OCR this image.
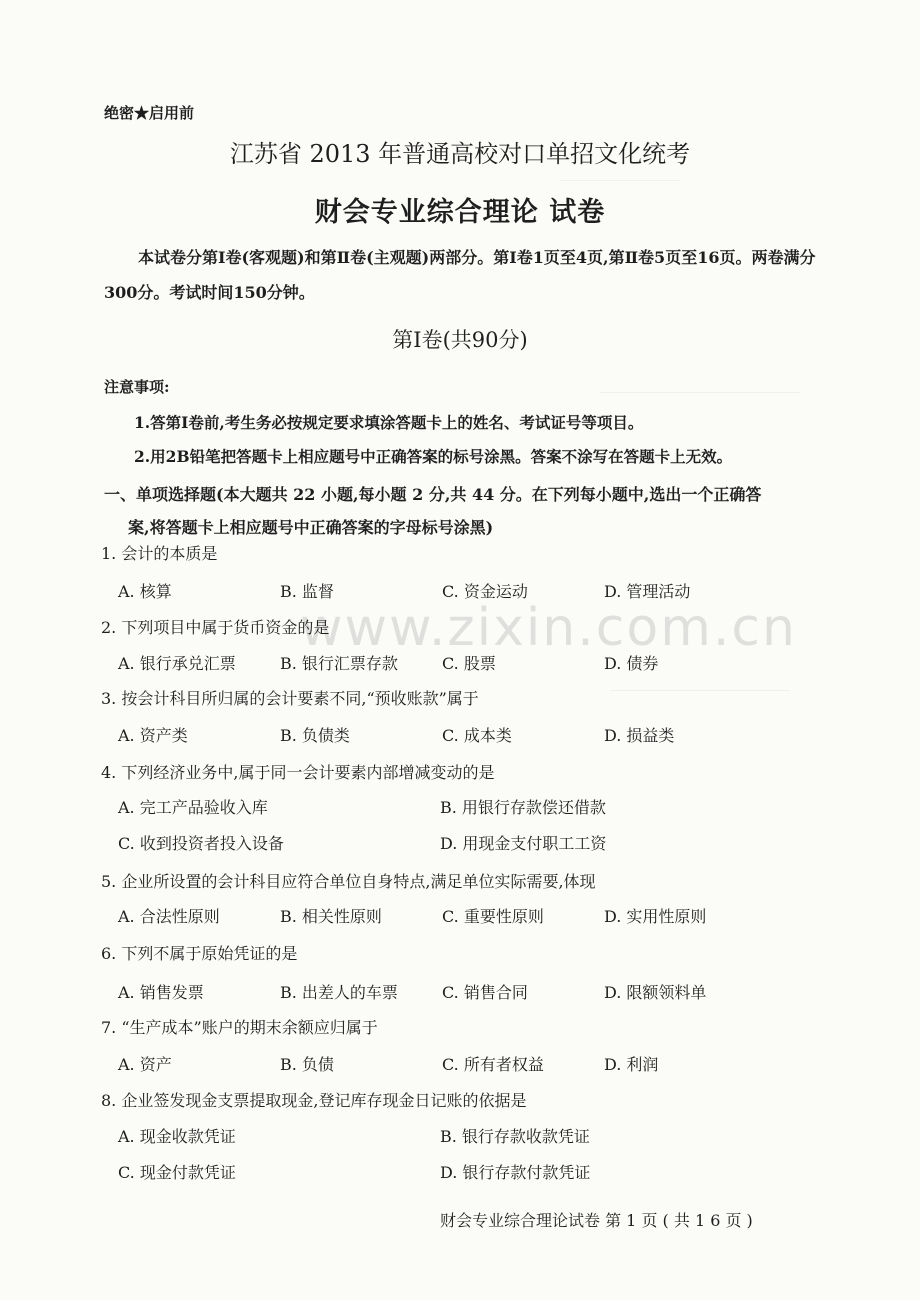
www.zixin.com.cn
绝密★启用前
江苏省 2013 年普通高校对口单招文化统考
财会专业综合理论 试卷
本试卷分第Ⅰ卷(客观题)和第Ⅱ卷(主观题)两部分。第Ⅰ卷1页至4页,第Ⅱ卷5页至16页。两卷满分300分。考试时间150分钟。
第Ⅰ卷(共90分)
注意事项:
1.答第Ⅰ卷前,考生务必按规定要求填涂答题卡上的姓名、考试证号等项目。
2.用2B铅笔把答题卡上相应题号中正确答案的标号涂黑。答案不涂写在答题卡上无效。
一、单项选择题(本大题共 22 小题,每小题 2 分,共 44 分。在下列每小题中,选出一个正确答
案,将答题卡上相应题号中正确答案的字母标号涂黑)
1. 会计的本质是
A. 核算	B. 监督	C. 资金运动	D. 管理活动
2. 下列项目中属于货币资金的是
A. 银行承兑汇票	B. 银行汇票存款	C. 股票	D. 债券
3. 按会计科目所归属的会计要素不同,“预收账款”属于
A. 资产类	B. 负债类	C. 成本类	D. 损益类
4. 下列经济业务中,属于同一会计要素内部增减变动的是
A. 完工产品验收入库	B. 用银行存款偿还借款
C. 收到投资者投入设备	D. 用现金支付职工工资
5. 企业所设置的会计科目应符合单位自身特点,满足单位实际需要,体现
A. 合法性原则	B. 相关性原则	C. 重要性原则	D. 实用性原则
6. 下列不属于原始凭证的是
A. 销售发票	B. 出差人的车票	C. 销售合同	D. 限额领料单
7. “生产成本”账户的期末余额应归属于
A. 资产	B. 负债	C. 所有者权益	D. 利润
8. 企业签发现金支票提取现金,登记库存现金日记账的依据是
A. 现金收款凭证	B. 银行存款收款凭证
C. 现金付款凭证	D. 银行存款付款凭证
财会专业综合理论试卷 第 1 页 ( 共 1 6 页 )
